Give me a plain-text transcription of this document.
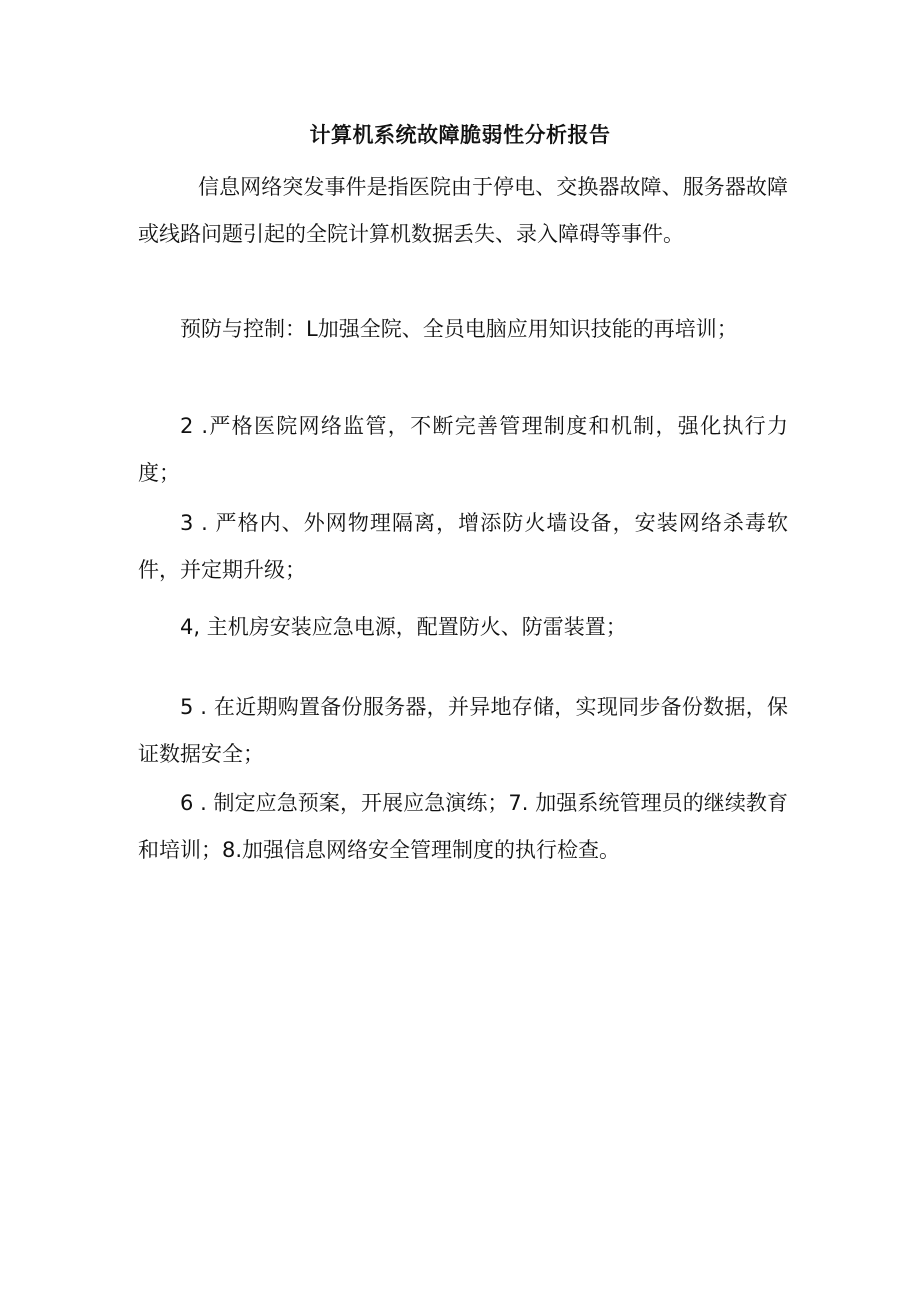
计算机系统故障脆弱性分析报告

信息网络突发事件是指医院由于停电、交换器故障、服务器故障或线路问题引起的全院计算机数据丢失、录入障碍等事件。

预防与控制：L加强全院、全员电脑应用知识技能的再培训；

2 .严格医院网络监管，不断完善管理制度和机制，强化执行力度；

3 . 严格内、外网物理隔离，增添防火墙设备，安装网络杀毒软件，并定期升级；

4, 主机房安装应急电源，配置防火、防雷装置；

5 . 在近期购置备份服务器，并异地存储，实现同步备份数据，保证数据安全；

6 . 制定应急预案，开展应急演练；7. 加强系统管理员的继续教育和培训；8.加强信息网络安全管理制度的执行检查。
